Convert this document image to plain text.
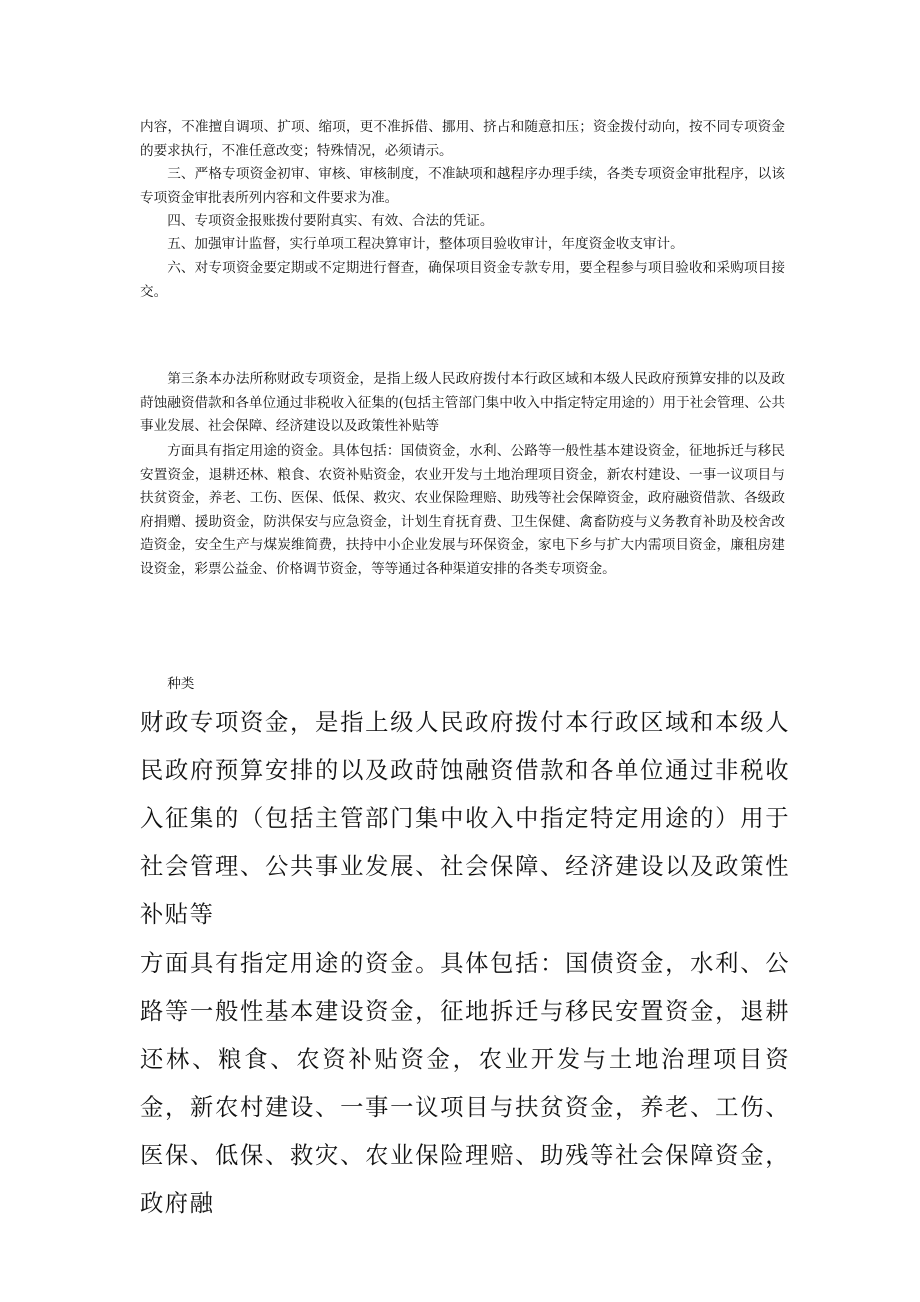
内容，不准擅自调项、扩项、缩项，更不准拆借、挪用、挤占和随意扣压；资金拨付动向，按不同专项资金的要求执行，不准任意改变；特殊情况，必须请示。

三、严格专项资金初审、审核、审核制度，不准缺项和越程序办理手续，各类专项资金审批程序，以该专项资金审批表所列内容和文件要求为准。

四、专项资金报账拨付要附真实、有效、合法的凭证。

五、加强审计监督，实行单项工程决算审计，整体项目验收审计，年度资金收支审计。

六、对专项资金要定期或不定期进行督查，确保项目资金专款专用，要全程参与项目验收和采购项目接交。

第三条本办法所称财政专项资金，是指上级人民政府拨付本行政区域和本级人民政府预算安排的以及政莳蚀融资借款和各单位通过非税收入征集的(包括主管部门集中收入中指定特定用途的）用于社会管理、公共事业发展、社会保障、经济建设以及政策性补贴等

方面具有指定用途的资金。具体包括：国债资金，水利、公路等一般性基本建设资金，征地拆迁与移民安置资金，退耕还林、粮食、农资补贴资金，农业开发与土地治理项目资金，新农村建设、一事一议项目与扶贫资金，养老、工伤、医保、低保、救灾、农业保险理赔、助残等社会保障资金，政府融资借款、各级政府捐赠、援助资金，防洪保安与应急资金，计划生育抚育费、卫生保健、禽畜防疫与义务教育补助及校舍改造资金，安全生产与煤炭维简费，扶持中小企业发展与环保资金，家电下乡与扩大内需项目资金，廉租房建设资金，彩票公益金、价格调节资金，等等通过各种渠道安排的各类专项资金。

种类

财政专项资金，是指上级人民政府拨付本行政区域和本级人民政府预算安排的以及政莳蚀融资借款和各单位通过非税收入征集的（包括主管部门集中收入中指定特定用途的）用于社会管理、公共事业发展、社会保障、经济建设以及政策性补贴等

方面具有指定用途的资金。具体包括：国债资金，水利、公路等一般性基本建设资金，征地拆迁与移民安置资金，退耕还林、粮食、农资补贴资金，农业开发与土地治理项目资金，新农村建设、一事一议项目与扶贫资金，养老、工伤、医保、低保、救灾、农业保险理赔、助残等社会保障资金，政府融
